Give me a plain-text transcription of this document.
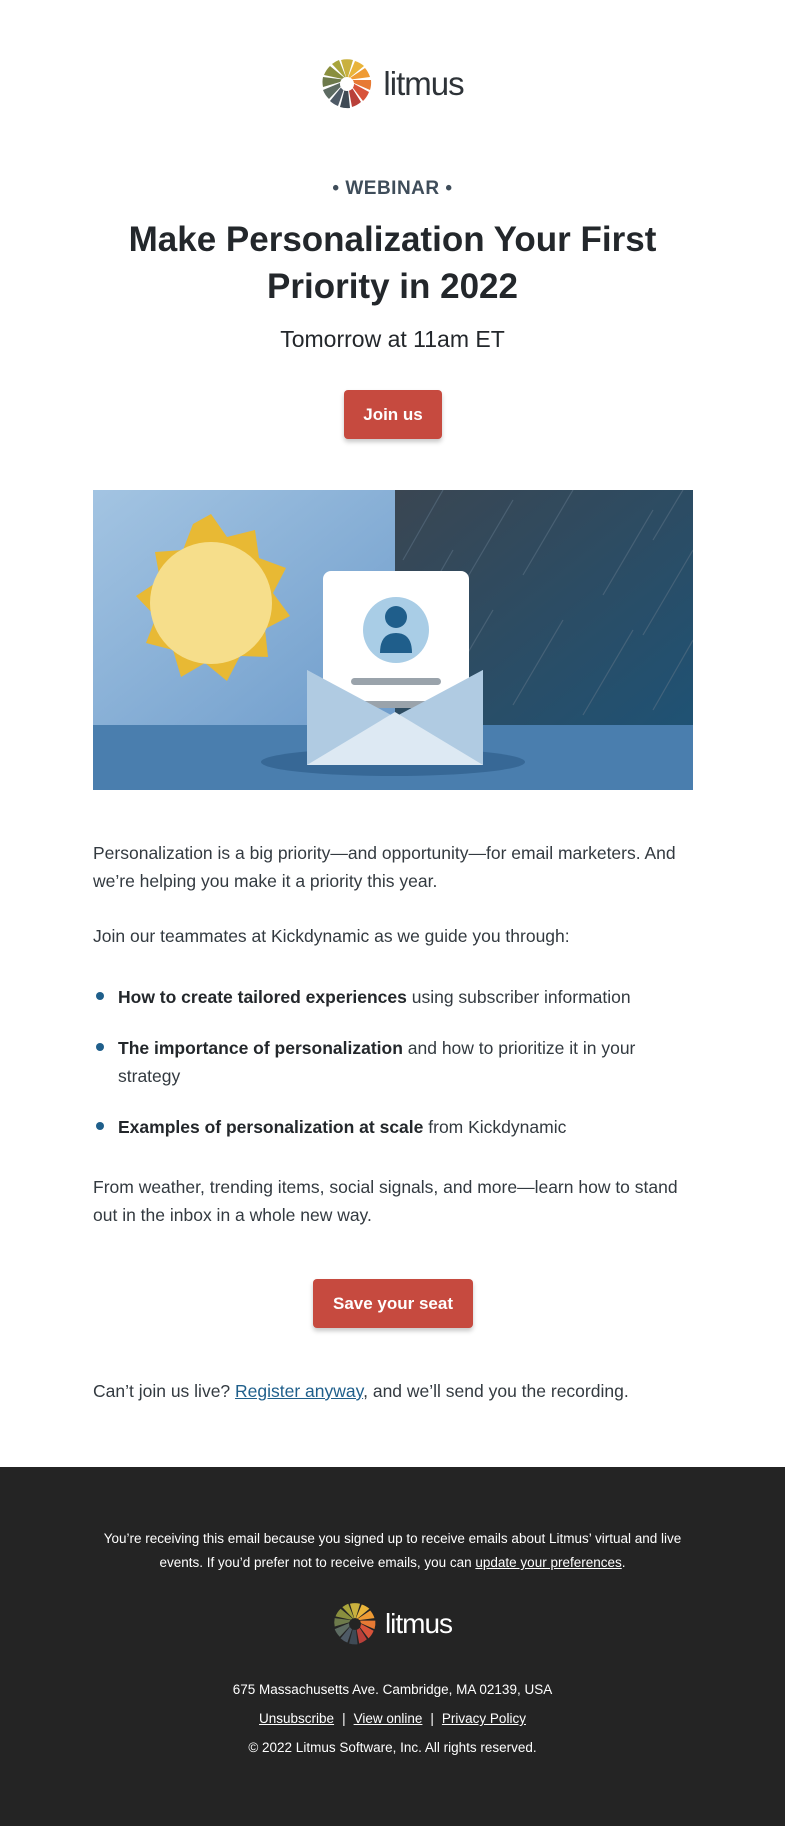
litmus
• WEBINAR •
Make Personalization Your First Priority in 2022
Tomorrow at 11am ET
Join us

Personalization is a big priority—and opportunity—for email marketers. And we’re helping you make it a priority this year.

Join our teammates at Kickdynamic as we guide you through:

How to create tailored experiences using subscriber information
The importance of personalization and how to prioritize it in your strategy
Examples of personalization at scale from Kickdynamic

From weather, trending items, social signals, and more—learn how to stand out in the inbox in a whole new way.

Save your seat

Can’t join us live? Register anyway, and we’ll send you the recording.

You’re receiving this email because you signed up to receive emails about Litmus’ virtual and live events. If you’d prefer not to receive emails, you can update your preferences.
litmus
675 Massachusetts Ave. Cambridge, MA 02139, USA
Unsubscribe | View online | Privacy Policy
© 2022 Litmus Software, Inc. All rights reserved.
